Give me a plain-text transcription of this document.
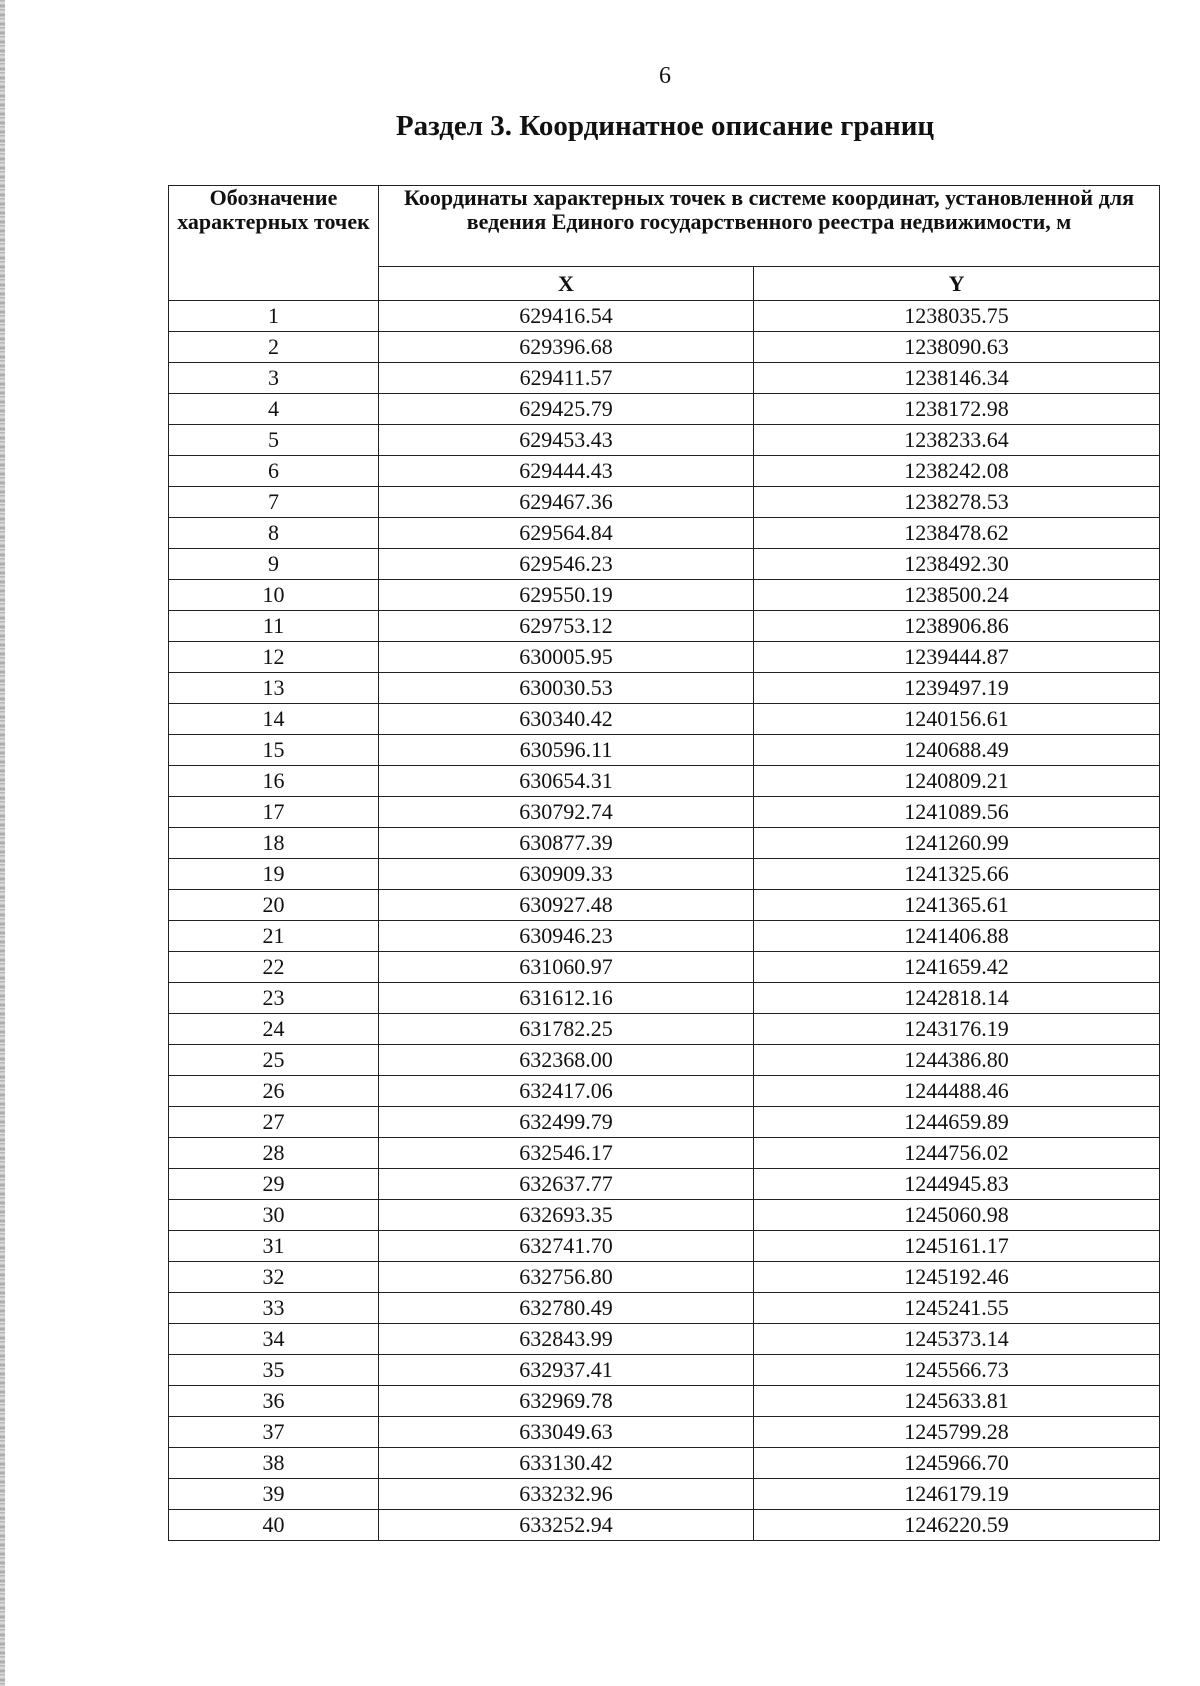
6
Раздел 3. Координатное описание границ
Обозначение характерных точек	Координаты характерных точек в системе координат, установленной для ведения Единого государственного реестра недвижимости, м	
	X	Y
1	629416.54	1238035.75
2	629396.68	1238090.63
3	629411.57	1238146.34
4	629425.79	1238172.98
5	629453.43	1238233.64
6	629444.43	1238242.08
7	629467.36	1238278.53
8	629564.84	1238478.62
9	629546.23	1238492.30
10	629550.19	1238500.24
11	629753.12	1238906.86
12	630005.95	1239444.87
13	630030.53	1239497.19
14	630340.42	1240156.61
15	630596.11	1240688.49
16	630654.31	1240809.21
17	630792.74	1241089.56
18	630877.39	1241260.99
19	630909.33	1241325.66
20	630927.48	1241365.61
21	630946.23	1241406.88
22	631060.97	1241659.42
23	631612.16	1242818.14
24	631782.25	1243176.19
25	632368.00	1244386.80
26	632417.06	1244488.46
27	632499.79	1244659.89
28	632546.17	1244756.02
29	632637.77	1244945.83
30	632693.35	1245060.98
31	632741.70	1245161.17
32	632756.80	1245192.46
33	632780.49	1245241.55
34	632843.99	1245373.14
35	632937.41	1245566.73
36	632969.78	1245633.81
37	633049.63	1245799.28
38	633130.42	1245966.70
39	633232.96	1246179.19
40	633252.94	1246220.59
